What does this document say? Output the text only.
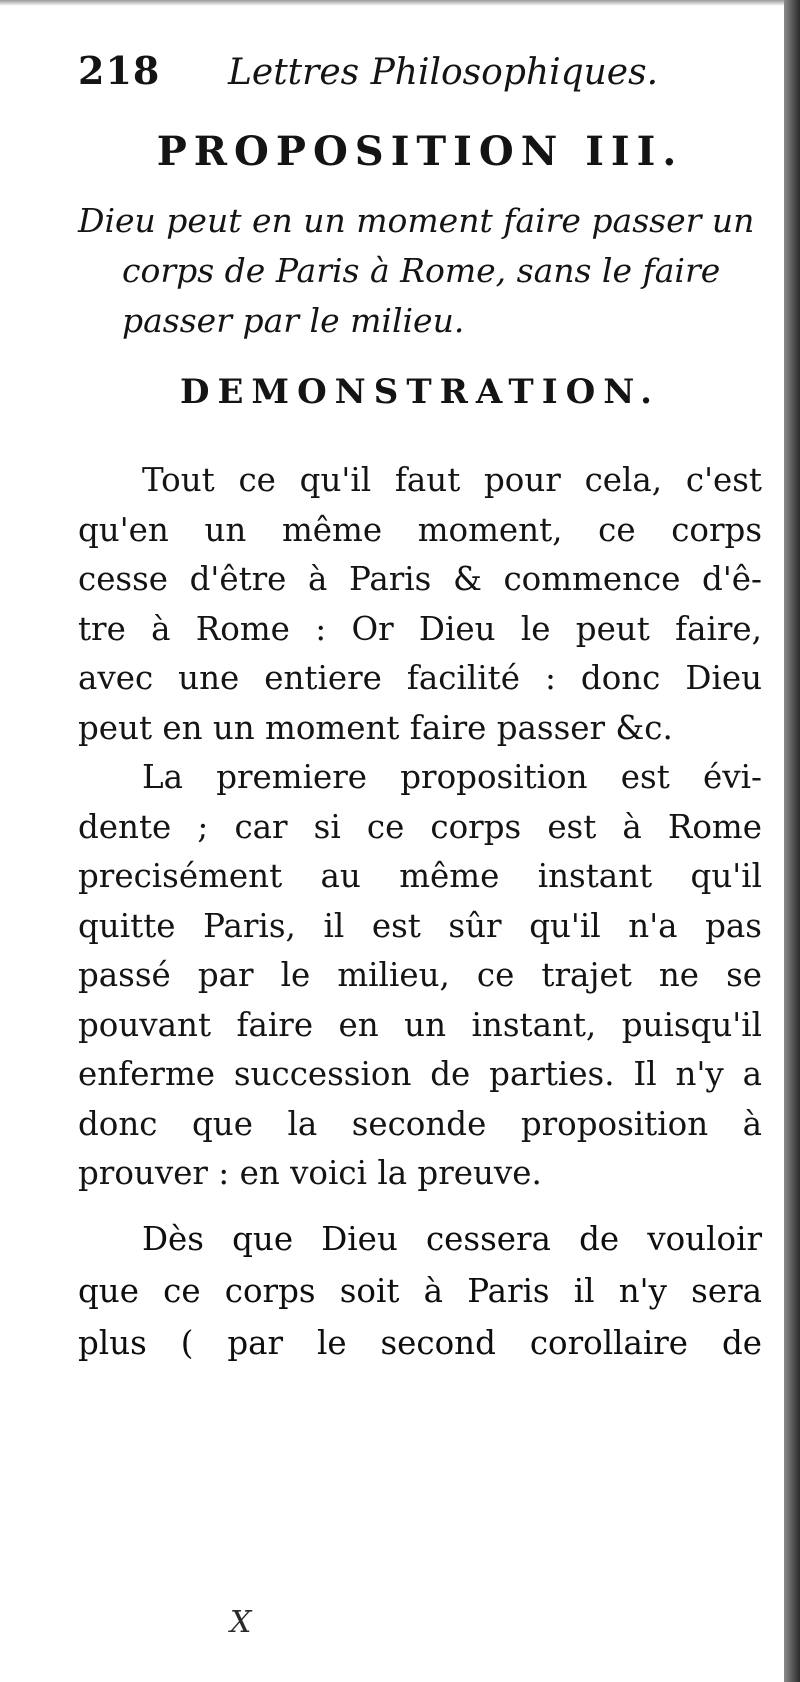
218	Lettres Philosophiques.
PROPOSITION III.
Dieu peut en un moment faire passer un
corps de Paris à Rome, sans le faire
passer par le milieu.
DEMONSTRATION.
Tout ce qu'il faut pour cela, c'est
qu'en un même moment, ce corps
cesse d'être à Paris & commence d'ê-
tre à Rome : Or Dieu le peut faire,
avec une entiere facilité : donc Dieu
peut en un moment faire passer &c.
La premiere proposition est évi-
dente ; car si ce corps est à Rome
precisément au même instant qu'il
quitte Paris, il est sûr qu'il n'a pas
passé par le milieu, ce trajet ne se
pouvant faire en un instant, puisqu'il
enferme succession de parties. Il n'y a
donc que la seconde proposition à
prouver : en voici la preuve.
Dès que Dieu cessera de vouloir
que ce corps soit à Paris il n'y sera
plus ( par le second corollaire de
X
